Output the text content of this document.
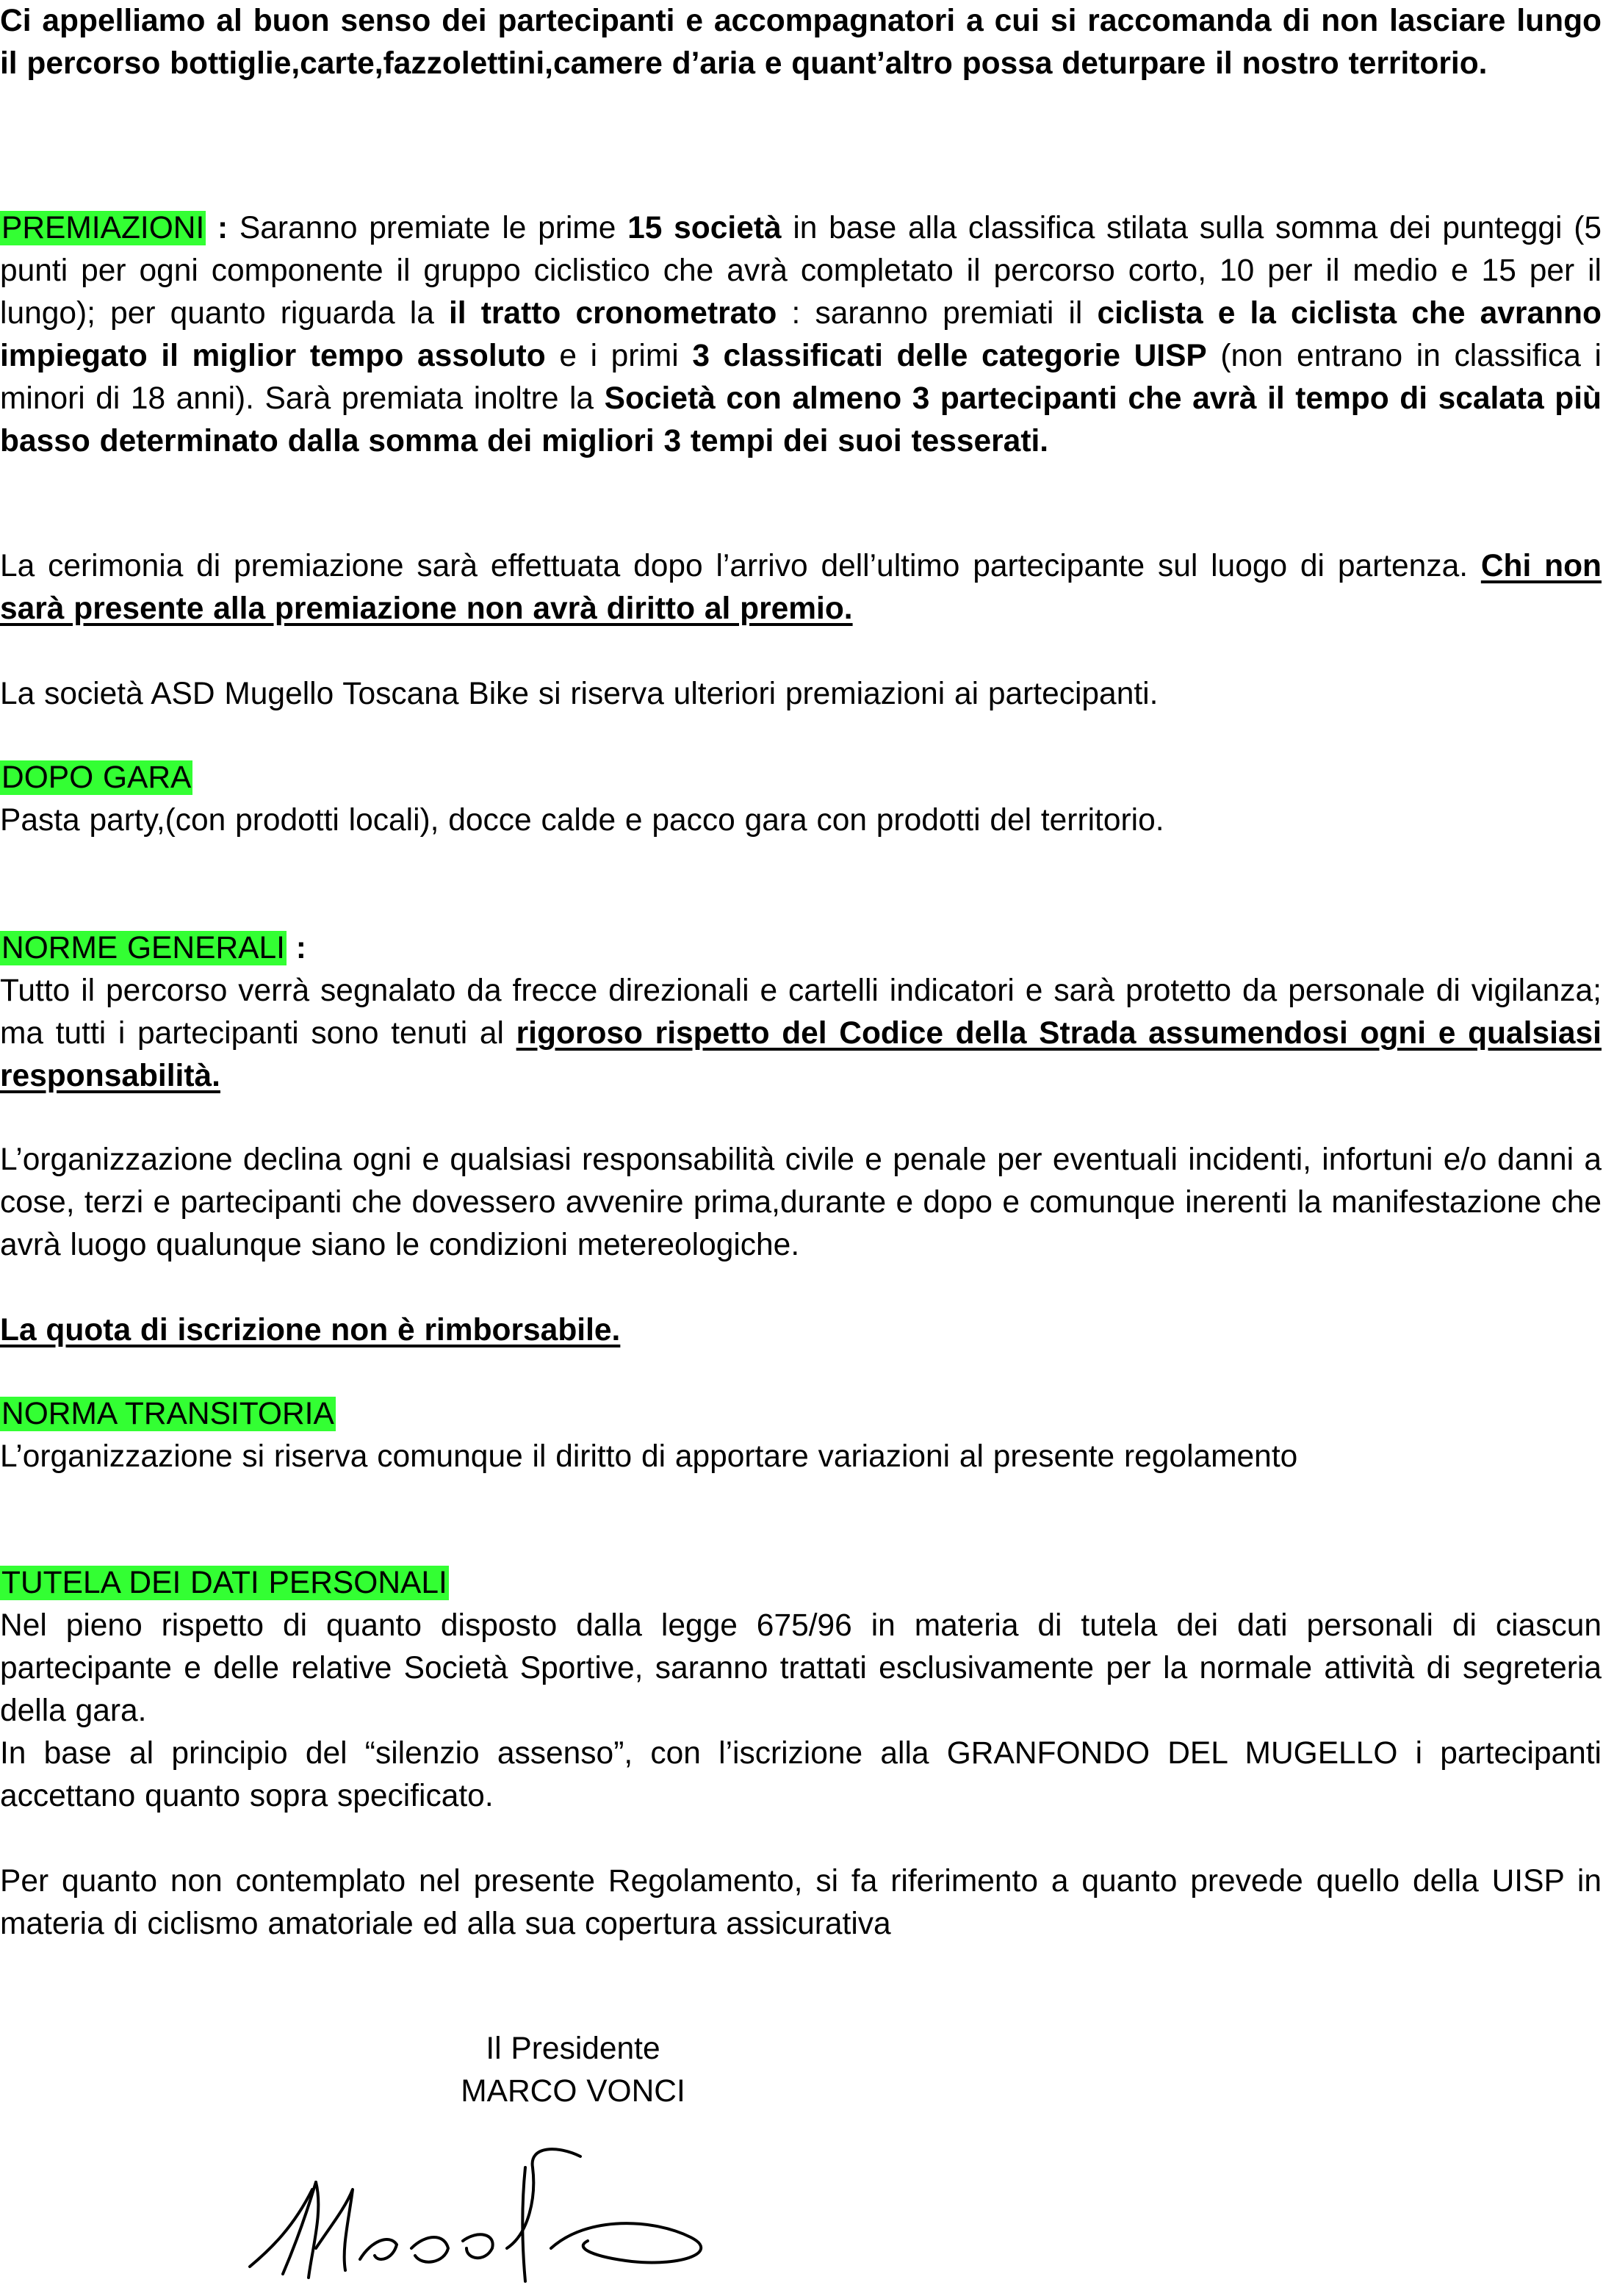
Ci appelliamo al buon senso dei partecipanti e accompagnatori a cui si raccomanda di non lasciare lungo il percorso bottiglie,carte,fazzolettini,camere d’aria e quant’altro possa deturpare il nostro territorio.

PREMIAZIONI : Saranno premiate le prime 15 società in base alla classifica stilata sulla somma dei punteggi (5 punti per ogni componente il gruppo ciclistico che avrà completato il percorso corto, 10 per il medio e 15 per il lungo); per quanto riguarda la il tratto cronometrato : saranno premiati il ciclista e la ciclista che avranno impiegato il miglior tempo assoluto e i primi 3 classificati delle categorie UISP (non entrano in classifica i minori di 18 anni). Sarà premiata inoltre la Società con almeno 3 partecipanti che avrà il tempo di scalata più basso determinato dalla somma dei migliori 3 tempi dei suoi tesserati.

La cerimonia di premiazione sarà effettuata dopo l’arrivo dell’ultimo partecipante sul luogo di partenza. Chi non sarà presente alla premiazione non avrà diritto al premio.

La società ASD Mugello Toscana Bike si riserva ulteriori premiazioni ai partecipanti.

DOPO GARA

Pasta party,(con prodotti locali), docce calde e pacco gara con prodotti del territorio.

NORME GENERALI :

Tutto il percorso verrà segnalato da frecce direzionali e cartelli indicatori e sarà protetto da personale di vigilanza; ma tutti i partecipanti sono tenuti al rigoroso rispetto del Codice della Strada assumendosi ogni e qualsiasi responsabilità.

L’organizzazione declina ogni e qualsiasi responsabilità civile e penale per eventuali incidenti, infortuni e/o danni a cose, terzi e partecipanti che dovessero avvenire prima,durante e dopo e comunque inerenti la manifestazione che avrà luogo qualunque siano le condizioni metereologiche.

La quota di iscrizione non è rimborsabile.

NORMA TRANSITORIA

L’organizzazione si riserva comunque il diritto di apportare variazioni al presente regolamento

TUTELA DEI DATI PERSONALI

Nel pieno rispetto di quanto disposto dalla legge 675/96 in materia di tutela dei dati personali di ciascun partecipante e delle relative Società Sportive, saranno trattati esclusivamente per la normale attività di segreteria della gara.

In base al principio del “silenzio assenso”, con l’iscrizione alla GRANFONDO DEL MUGELLO i partecipanti accettano quanto sopra specificato.

Per quanto non contemplato nel presente Regolamento, si fa riferimento a quanto prevede quello della UISP in materia di ciclismo amatoriale ed alla sua copertura assicurativa

Il Presidente

MARCO VONCI
